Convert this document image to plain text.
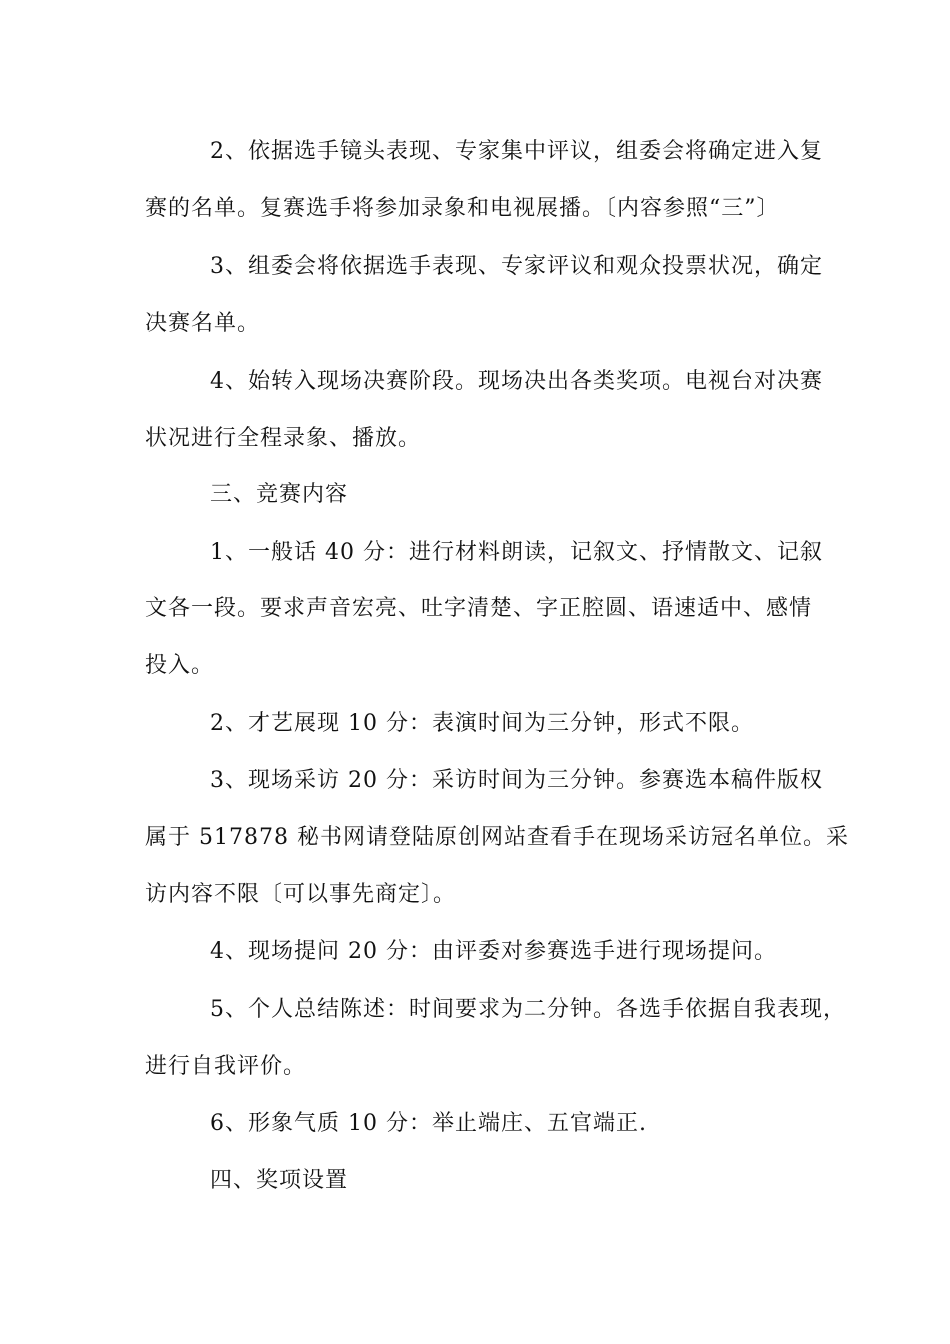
2、依据选手镜头表现、专家集中评议，组委会将确定进入复
赛的名单。复赛选手将参加录象和电视展播。〔内容参照“三”〕
3、组委会将依据选手表现、专家评议和观众投票状况，确定
决赛名单。
4、始转入现场决赛阶段。现场决出各类奖项。电视台对决赛
状况进行全程录象、播放。
三、竞赛内容
1、一般话 40 分：进行材料朗读，记叙文、抒情散文、记叙
文各一段。要求声音宏亮、吐字清楚、字正腔圆、语速适中、感情
投入。
2、才艺展现 10 分：表演时间为三分钟，形式不限。
3、现场采访 20 分：采访时间为三分钟。参赛选本稿件版权
属于 517878 秘书网请登陆原创网站查看手在现场采访冠名单位。采
访内容不限〔可以事先商定〕。
4、现场提问 20 分：由评委对参赛选手进行现场提问。
5、个人总结陈述：时间要求为二分钟。各选手依据自我表现，
进行自我评价。
6、形象气质 10 分：举止端庄、五官端正.
四、奖项设置
